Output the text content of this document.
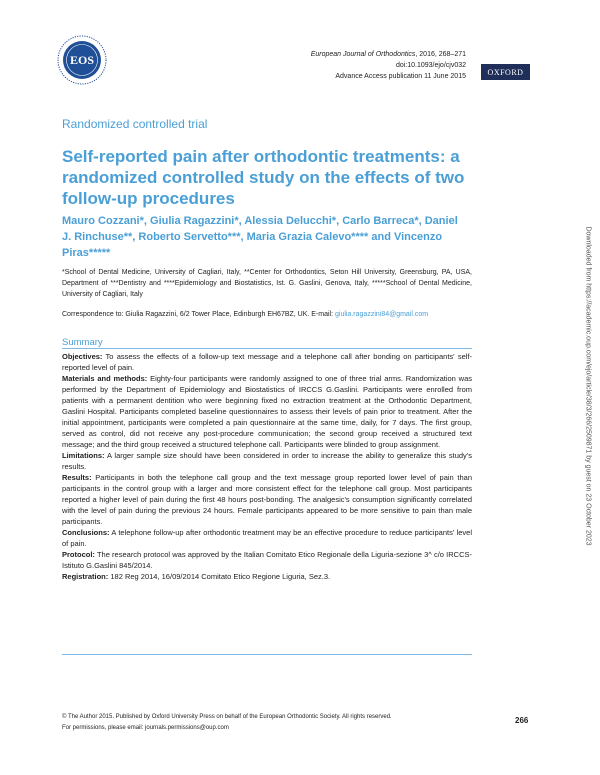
EOS	European Journal of Orthodontics, 2016, 268–271
doi:10.1093/ejo/cjv032
Advance Access publication 11 June 2015	OXFORD
Randomized controlled trial
Self-reported pain after orthodontic treatments: a randomized controlled study on the effects of two follow-up procedures
Mauro Cozzani*, Giulia Ragazzini*, Alessia Delucchi*, Carlo Barreca*, Daniel J. Rinchuse**, Roberto Servetto***, Maria Grazia Calevo**** and Vincenzo Piras*****
*School of Dental Medicine, University of Cagliari, Italy, **Center for Orthodontics, Seton Hill University, Greensburg, PA, USA, Department of ***Dentistry and ****Epidemiology and Biostatistics, Ist. G. Gaslini, Genova, Italy, *****School of Dental Medicine, University of Cagliari, Italy
Correspondence to: Giulia Ragazzini, 6/2 Tower Place, Edinburgh EH67BZ, UK. E-mail: giulia.ragazzini84@gmail.com
Summary

Objectives: To assess the effects of a follow-up text message and a telephone call after bonding on participants' self-reported level of pain.

Materials and methods: Eighty-four participants were randomly assigned to one of three trial arms. Randomization was performed by the Department of Epidemiology and Biostatistics of IRCCS G.Gaslini. Participants were enrolled from patients with a permanent dentition who were beginning fixed no extraction treatment at the Orthodontic Department, Gaslini Hospital. Participants completed baseline questionnaires to assess their levels of pain prior to treatment. After the initial appointment, participants were completed a pain questionnaire at the same time, daily, for 7 days. The first group, served as control, did not receive any post-procedure communication; the second group received a structured text message; and the third group received a structured telephone call. Participants were blinded to group assignment.

Limitations: A larger sample size should have been considered in order to increase the ability to generalize this study's results.

Results: Participants in both the telephone call group and the text message group reported lower level of pain than participants in the control group with a larger and more consistent effect for the telephone call group. Most participants reported a higher level of pain during the first 48 hours post-bonding. The analgesic's consumption significantly correlated with the level of pain during the previous 24 hours. Female participants appeared to be more sensitive to pain than male participants.

Conclusions: A telephone follow-up after orthodontic treatment may be an effective procedure to reduce participants' level of pain.

Protocol: The research protocol was approved by the Italian Comitato Etico Regionale della Liguria-sezione 3^ c/o IRCCS- Istituto G.Gaslini 845/2014.

Registration: 182 Reg 2014, 16/09/2014 Comitato Etico Regione Liguria, Sez.3.

© The Author 2015. Published by Oxford University Press on behalf of the European Orthodontic Society. All rights reserved.
For permissions, please email: journals.permissions@oup.com
266
Downloaded from https://academic.oup.com/ejo/article/38/3/266/2509871 by guest on 23 October 2023
